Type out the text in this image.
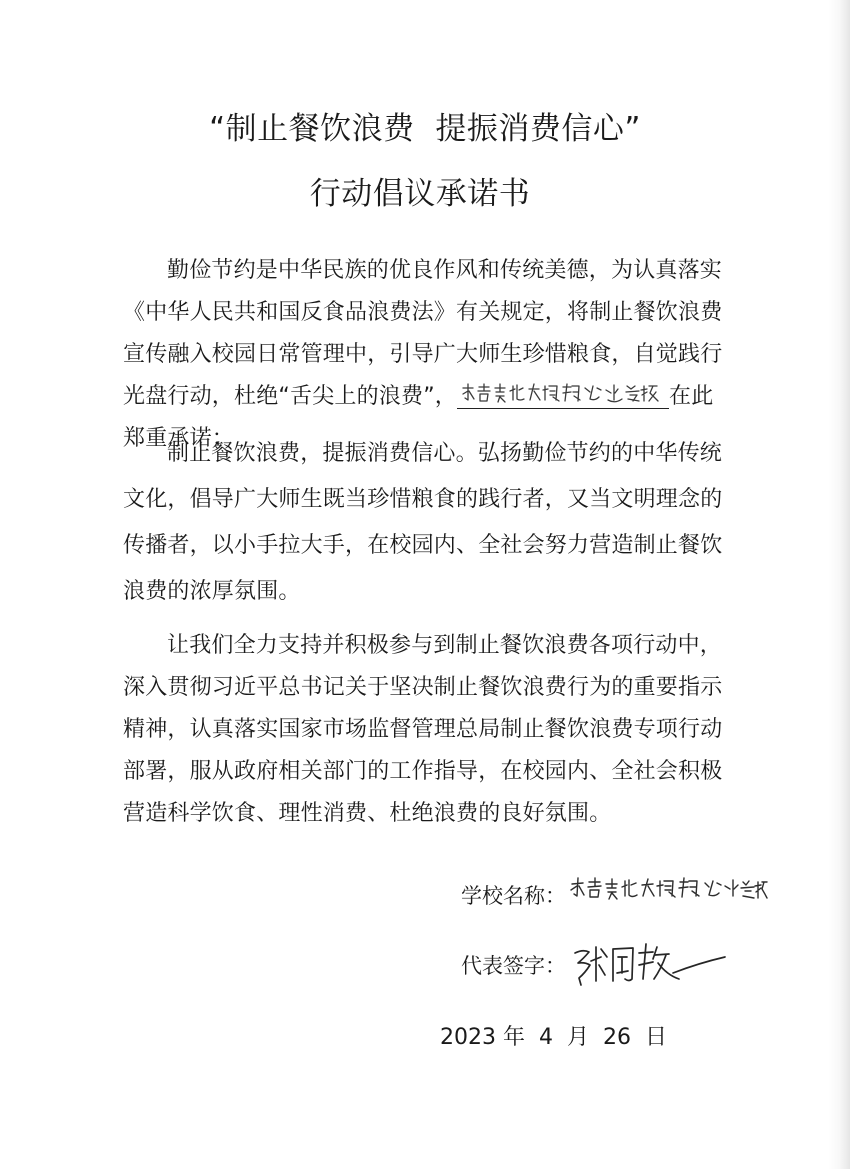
“制止餐饮浪费  提振消费信心”
行动倡议承诺书

勤俭节约是中华民族的优良作风和传统美德，为认真落实《中华人民共和国反食品浪费法》有关规定，将制止餐饮浪费宣传融入校园日常管理中，引导广大师生珍惜粮食，自觉践行光盘行动，杜绝“舌尖上的浪费”，	在此郑重承诺：

制止餐饮浪费，提振消费信心。弘扬勤俭节约的中华传统文化，倡导广大师生既当珍惜粮食的践行者，又当文明理念的传播者，以小手拉大手，在校园内、全社会努力营造制止餐饮浪费的浓厚氛围。

让我们全力支持并积极参与到制止餐饮浪费各项行动中，深入贯彻习近平总书记关于坚决制止餐饮浪费行为的重要指示精神，认真落实国家市场监督管理总局制止餐饮浪费专项行动部署，服从政府相关部门的工作指导，在校园内、全社会积极营造科学饮食、理性消费、杜绝浪费的良好氛围。

学校名称：
代表签字：
2023 年 4 月 26 日
